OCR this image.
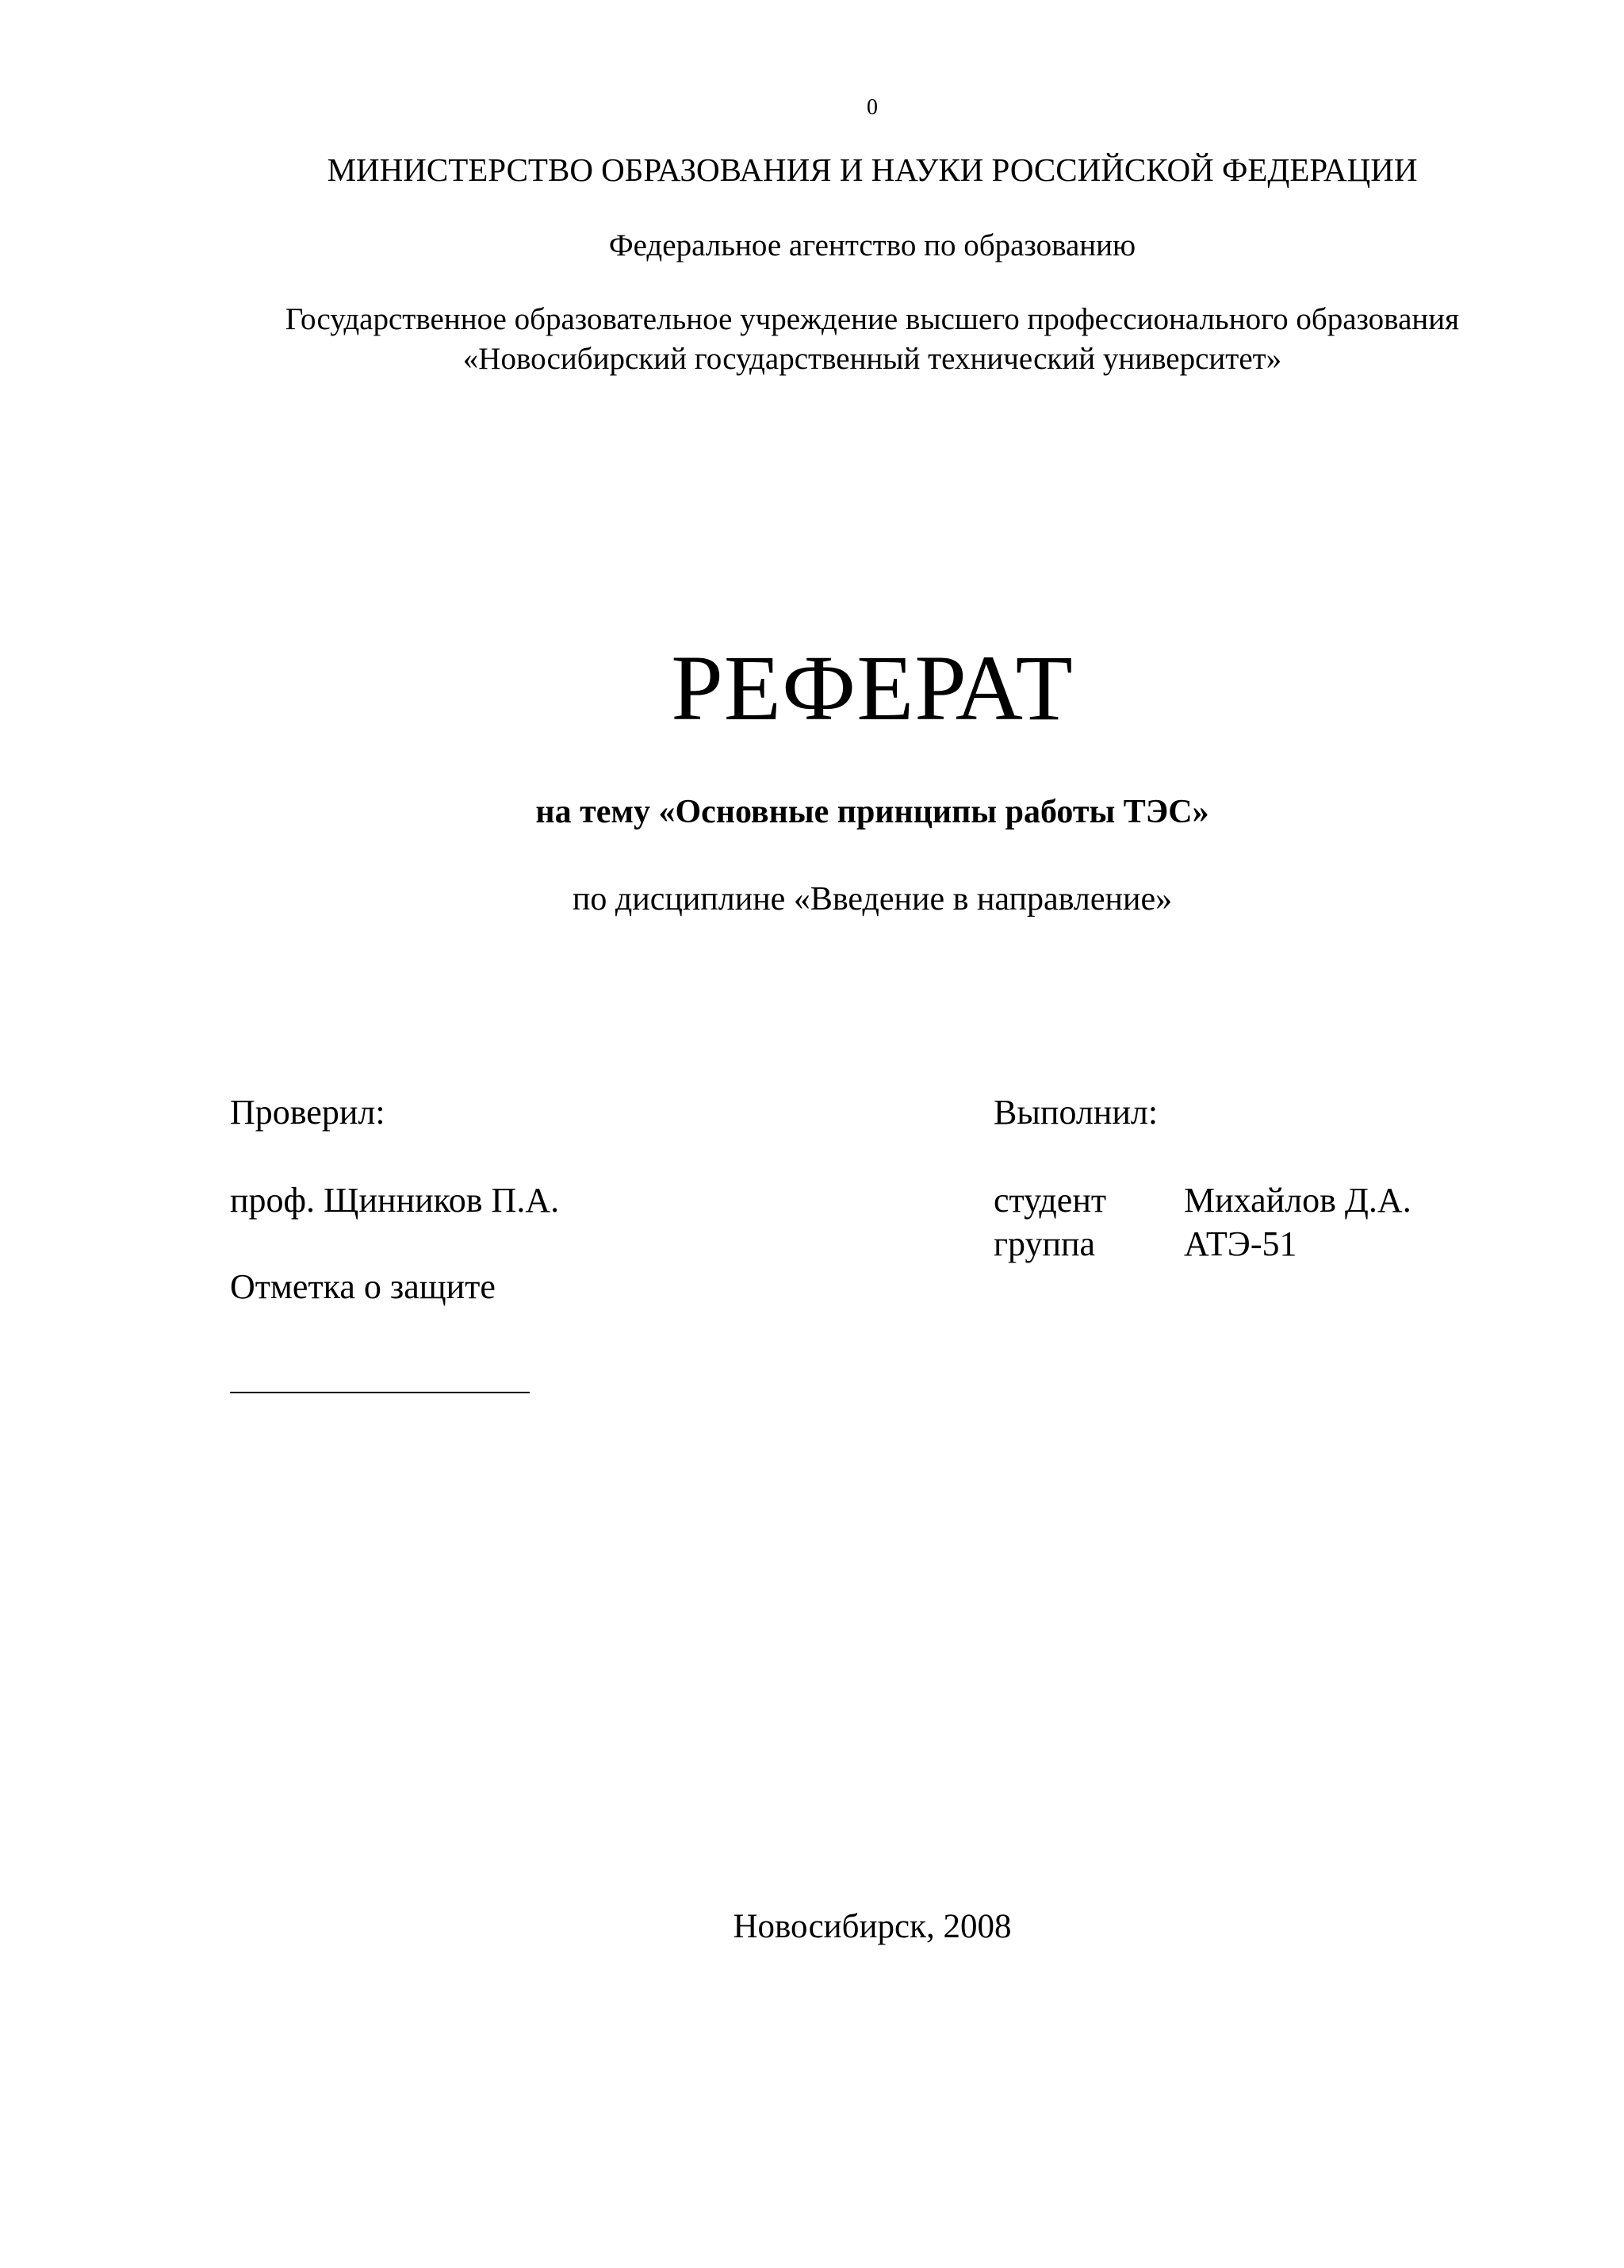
0
МИНИСТЕРСТВО ОБРАЗОВАНИЯ И НАУКИ РОССИЙСКОЙ ФЕДЕРАЦИИ
Федеральное агентство по образованию
Государственное образовательное учреждение высшего профессионального образования
«Новосибирский государственный технический университет»
РЕФЕРАТ
на тему «Основные принципы работы ТЭС»
по дисциплине «Введение в направление»
Проверил:
проф. Щинников П.А.
Отметка о защите
Выполнил:
студент Михайлов Д.А.
группа	АТЭ-51
Новосибирск, 2008
